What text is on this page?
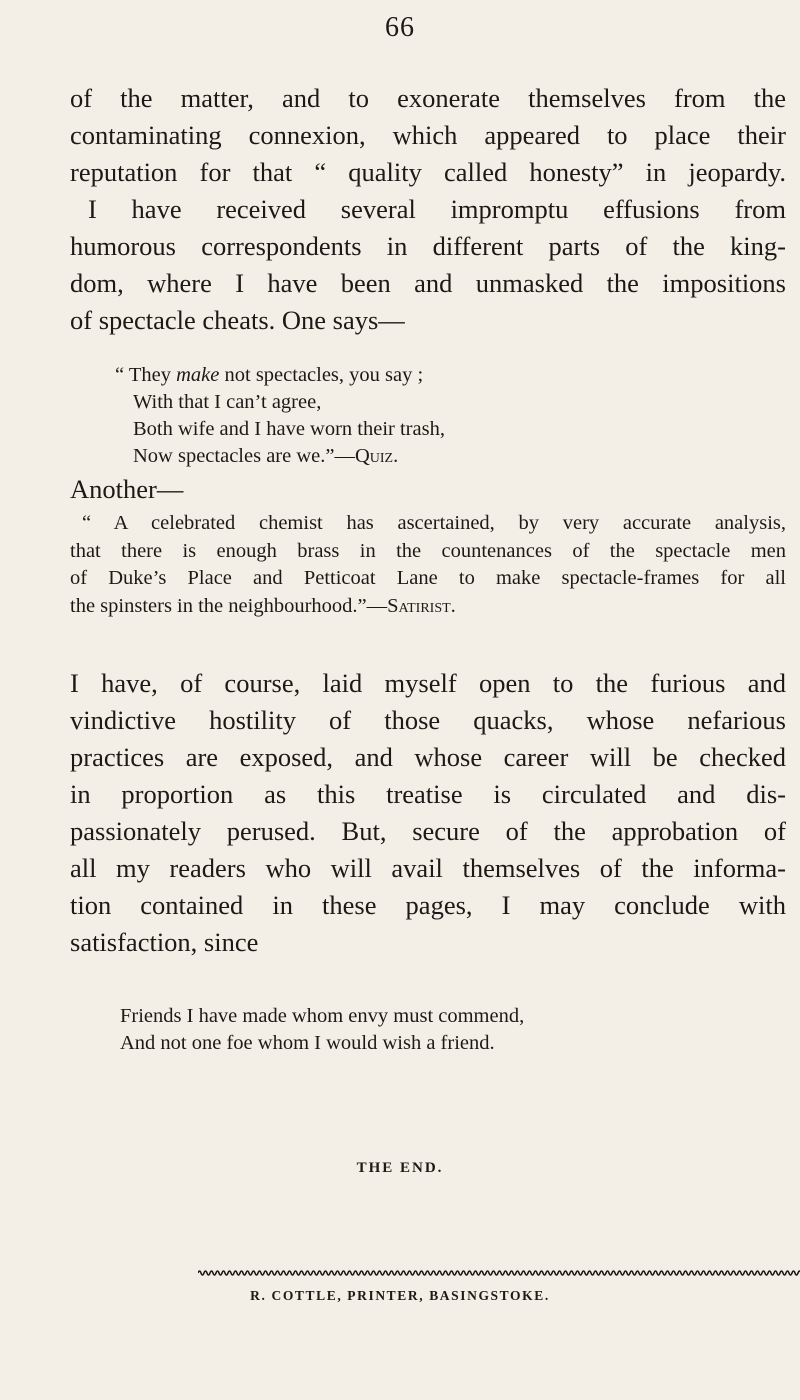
66
of the matter, and to exonerate themselves from the
contaminating connexion, which appeared to place their
reputation for that “ quality called honesty” in jeopardy.
I have received several impromptu effusions from
humorous correspondents in different parts of the king-
dom, where I have been and unmasked the impositions
of spectacle cheats. One says—
“ They make not spectacles, you say ;
With that I can’t agree,
Both wife and I have worn their trash,
Now spectacles are we.”—Quiz.
Another—
“ A celebrated chemist has ascertained, by very accurate analysis,
that there is enough brass in the countenances of the spectacle men
of Duke’s Place and Petticoat Lane to make spectacle-frames for all
the spinsters in the neighbourhood.”—Satirist.
I have, of course, laid myself open to the furious and
vindictive hostility of those quacks, whose nefarious
practices are exposed, and whose career will be checked
in proportion as this treatise is circulated and dis-
passionately perused. But, secure of the approbation of
all my readers who will avail themselves of the informa-
tion contained in these pages, I may conclude with
satisfaction, since
Friends I have made whom envy must commend,
And not one foe whom I would wish a friend.
THE END.
R. COTTLE, PRINTER, BASINGSTOKE.
